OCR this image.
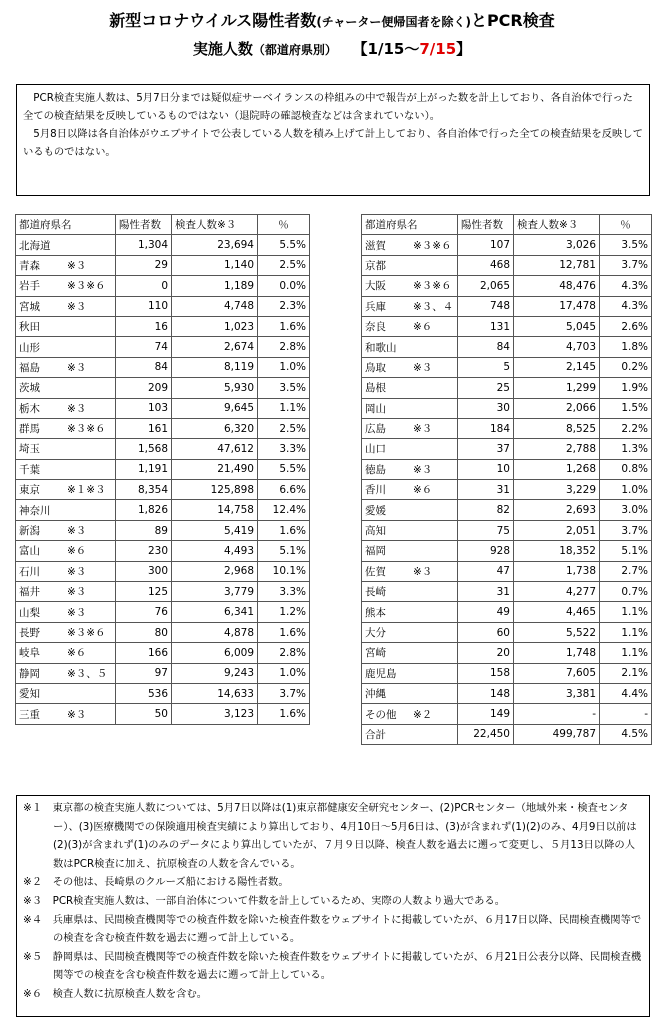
新型コロナウイルス陽性者数(チャーター便帰国者を除く)とPCR検査
実施人数（都道府県別） 【1/15〜7/15】

PCR検査実施人数は、5月7日分までは疑似症サーベイランスの枠組みの中で報告が上がった数を計上しており、各自治体で行った全ての検査結果を反映しているものではない（退院時の確認検査などは含まれていない）。

5月8日以降は各自治体がウエブサイトで公表している人数を積み上げて計上しており、各自治体で行った全ての検査結果を反映しているものではない。

都道府県名	陽性者数	検査人数※３	％
北海道	1,304	23,694	5.5%
青森 ※３	29	1,140	2.5%
岩手 ※３※６	0	1,189	0.0%
宮城 ※３	110	4,748	2.3%
秋田	16	1,023	1.6%
山形	74	2,674	2.8%
福島 ※３	84	8,119	1.0%
茨城	209	5,930	3.5%
栃木 ※３	103	9,645	1.1%
群馬 ※３※６	161	6,320	2.5%
埼玉	1,568	47,612	3.3%
千葉	1,191	21,490	5.5%
東京 ※１※３	8,354	125,898	6.6%
神奈川	1,826	14,758	12.4%
新潟 ※３	89	5,419	1.6%
富山 ※６	230	4,493	5.1%
石川 ※３	300	2,968	10.1%
福井 ※３	125	3,779	3.3%
山梨 ※３	76	6,341	1.2%
長野 ※３※６	80	4,878	1.6%
岐阜 ※６	166	6,009	2.8%
静岡 ※３、５	97	9,243	1.0%
愛知	536	14,633	3.7%
三重 ※３	50	3,123	1.6%
都道府県名	陽性者数	検査人数※３	％
滋賀 ※３※６	107	3,026	3.5%
京都	468	12,781	3.7%
大阪 ※３※６	2,065	48,476	4.3%
兵庫 ※３、４	748	17,478	4.3%
奈良 ※６	131	5,045	2.6%
和歌山	84	4,703	1.8%
鳥取 ※３	5	2,145	0.2%
島根	25	1,299	1.9%
岡山	30	2,066	1.5%
広島 ※３	184	8,525	2.2%
山口	37	2,788	1.3%
徳島 ※３	10	1,268	0.8%
香川 ※６	31	3,229	1.0%
愛媛	82	2,693	3.0%
高知	75	2,051	3.7%
福岡	928	18,352	5.1%
佐賀 ※３	47	1,738	2.7%
長崎	31	4,277	0.7%
熊本	49	4,465	1.1%
大分	60	5,522	1.1%
宮崎	20	1,748	1.1%
鹿児島	158	7,605	2.1%
沖縄	148	3,381	4.4%
その他 ※２	149	-	-
合計	22,450	499,787	4.5%
※１　 東京都の検査実施人数については、5月7日以降は(1)東京都健康安全研究センター、(2)PCRセンター（地域外来・検査センター）、(3)医療機関での保険適用検査実績により算出しており、4月10日〜5月6日は、(3)が含まれず(1)(2)のみ、4月9日以前は(2)(3)が含まれず(1)のみのデータにより算出していたが、７月９日以降、検査人数を過去に遡って変更し、５月13日以降の人数はPCR検査に加え、抗原検査の人数を含んでいる。
※２　 その他は、長崎県のクルーズ船における陽性者数。
※３　 PCR検査実施人数は、一部自治体について件数を計上しているため、実際の人数より過大である。
※４　 兵庫県は、民間検査機関等での検査件数を除いた検査件数をウェブサイトに掲載していたが、６月17日以降、民間検査機関等での検査を含む検査件数を過去に遡って計上している。
※５　 静岡県は、民間検査機関等での検査件数を除いた検査件数をウェブサイトに掲載していたが、６月21日公表分以降、民間検査機関等での検査を含む検査件数を過去に遡って計上している。
※６　 検査人数に抗原検査人数を含む。
